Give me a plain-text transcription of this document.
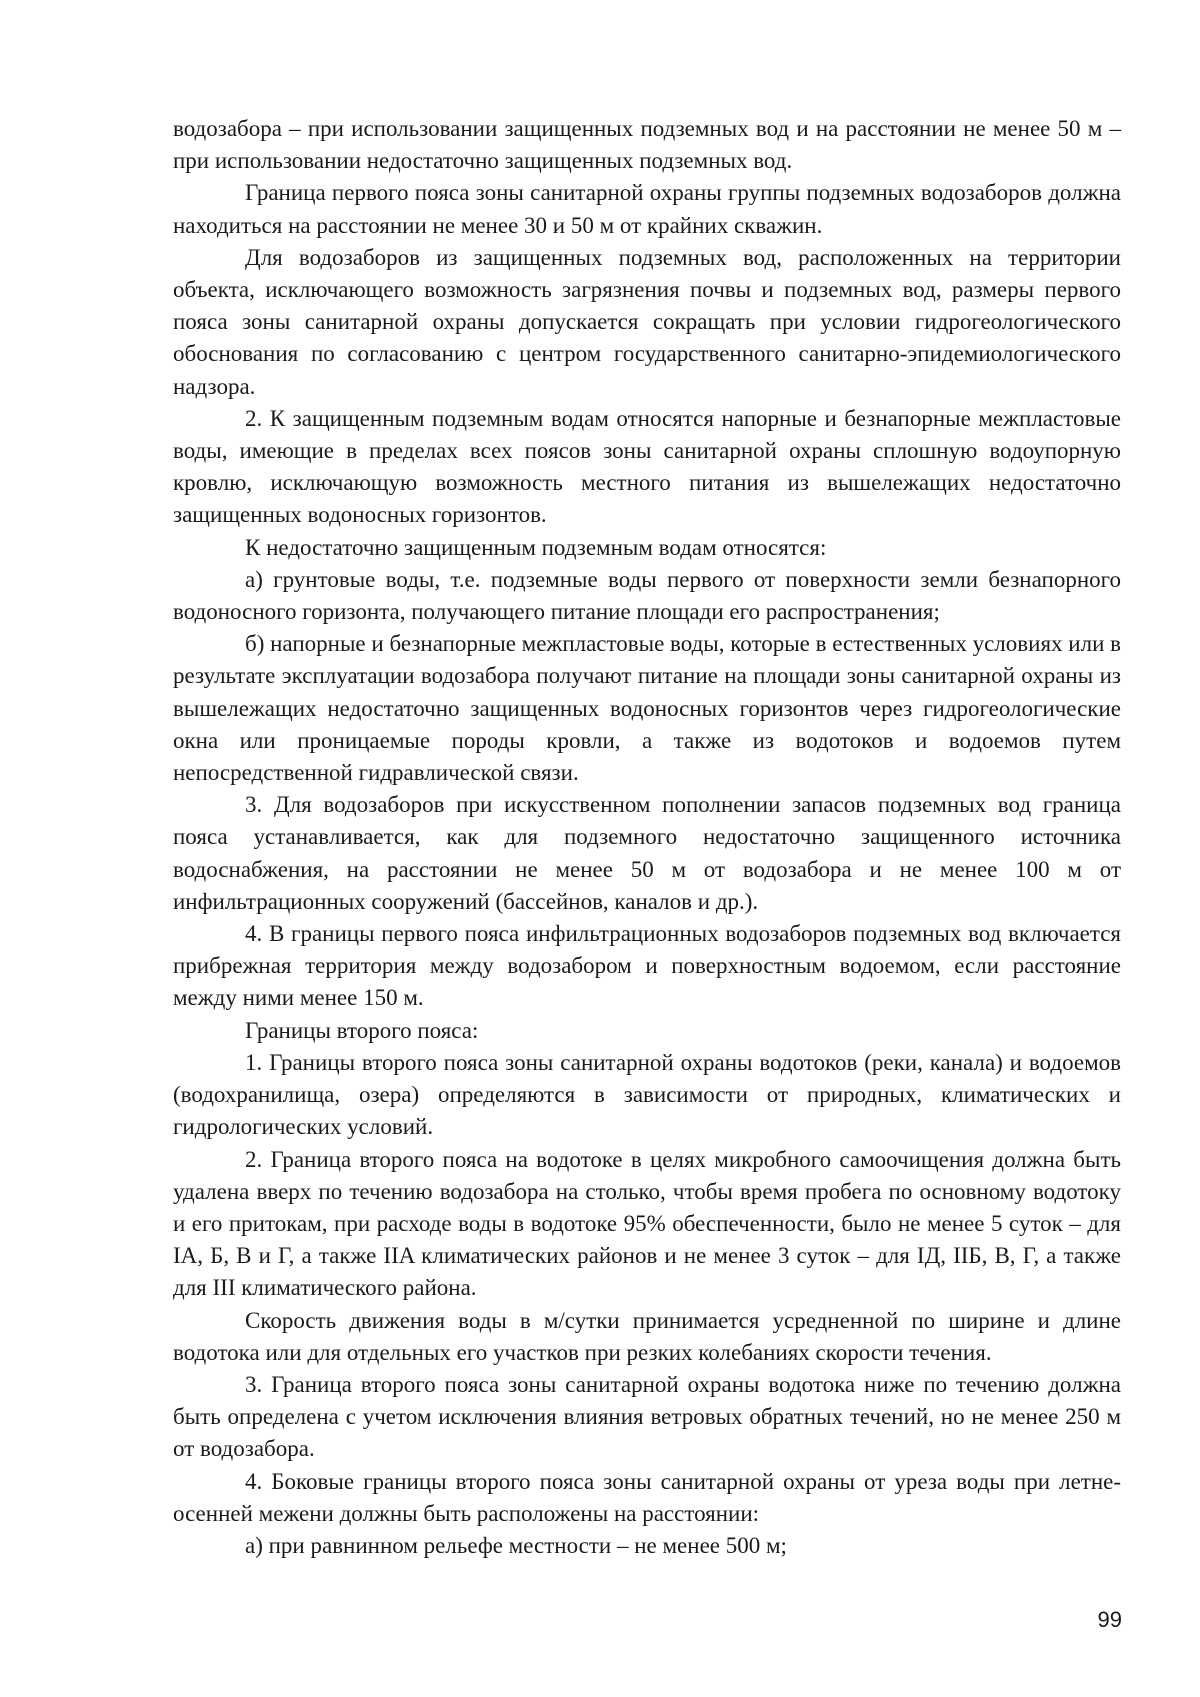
водозабора – при использовании защищенных подземных вод и на расстоянии не менее 50 м – при использовании недостаточно защищенных подземных вод.

Граница первого пояса зоны санитарной охраны группы подземных водозаборов должна находиться на расстоянии не менее 30 и 50 м от крайних скважин.

Для водозаборов из защищенных подземных вод, расположенных на территории объекта, исключающего возможность загрязнения почвы и подземных вод, размеры первого пояса зоны санитарной охраны допускается сокращать при условии гидрогеологического обоснования по согласованию с центром государственного санитарно-эпидемиологического надзора.

2. К защищенным подземным водам относятся напорные и безнапорные межпластовые воды, имеющие в пределах всех поясов зоны санитарной охраны сплошную водоупорную кровлю, исключающую возможность местного питания из вышележащих недостаточно защищенных водоносных горизонтов.

К недостаточно защищенным подземным водам относятся:

а) грунтовые воды, т.е. подземные воды первого от поверхности земли безнапорного водоносного горизонта, получающего питание площади его распространения;

б) напорные и безнапорные межпластовые воды, которые в естественных условиях или в результате эксплуатации водозабора получают питание на площади зоны санитарной охраны из вышележащих недостаточно защищенных водоносных горизонтов через гидрогеологические окна или проницаемые породы кровли, а также из водотоков и водоемов путем непосредственной гидравлической связи.

3. Для водозаборов при искусственном пополнении запасов подземных вод граница пояса устанавливается, как для подземного недостаточно защищенного источника водоснабжения, на расстоянии не менее 50 м от водозабора и не менее 100 м от инфильтрационных сооружений (бассейнов, каналов и др.).

4. В границы первого пояса инфильтрационных водозаборов подземных вод включается прибрежная территория между водозабором и поверхностным водоемом, если расстояние между ними менее 150 м.

Границы второго пояса:

1. Границы второго пояса зоны санитарной охраны водотоков (реки, канала) и водоемов (водохранилища, озера) определяются в зависимости от природных, климатических и гидрологических условий.

2. Граница второго пояса на водотоке в целях микробного самоочищения должна быть удалена вверх по течению водозабора на столько, чтобы время пробега по основному водотоку и его притокам, при расходе воды в водотоке 95% обеспеченности, было не менее 5 суток – для IA, Б, В и Г, а также IIA климатических районов и не менее 3 суток – для IД, IIБ, В, Г, а также для III климатического района.

Скорость движения воды в м/сутки принимается усредненной по ширине и длине водотока или для отдельных его участков при резких колебаниях скорости течения.

3. Граница второго пояса зоны санитарной охраны водотока ниже по течению должна быть определена с учетом исключения влияния ветровых обратных течений, но не менее 250 м от водозабора.

4. Боковые границы второго пояса зоны санитарной охраны от уреза воды при летне-осенней межени должны быть расположены на расстоянии:

а) при равнинном рельефе местности – не менее 500 м;

99
